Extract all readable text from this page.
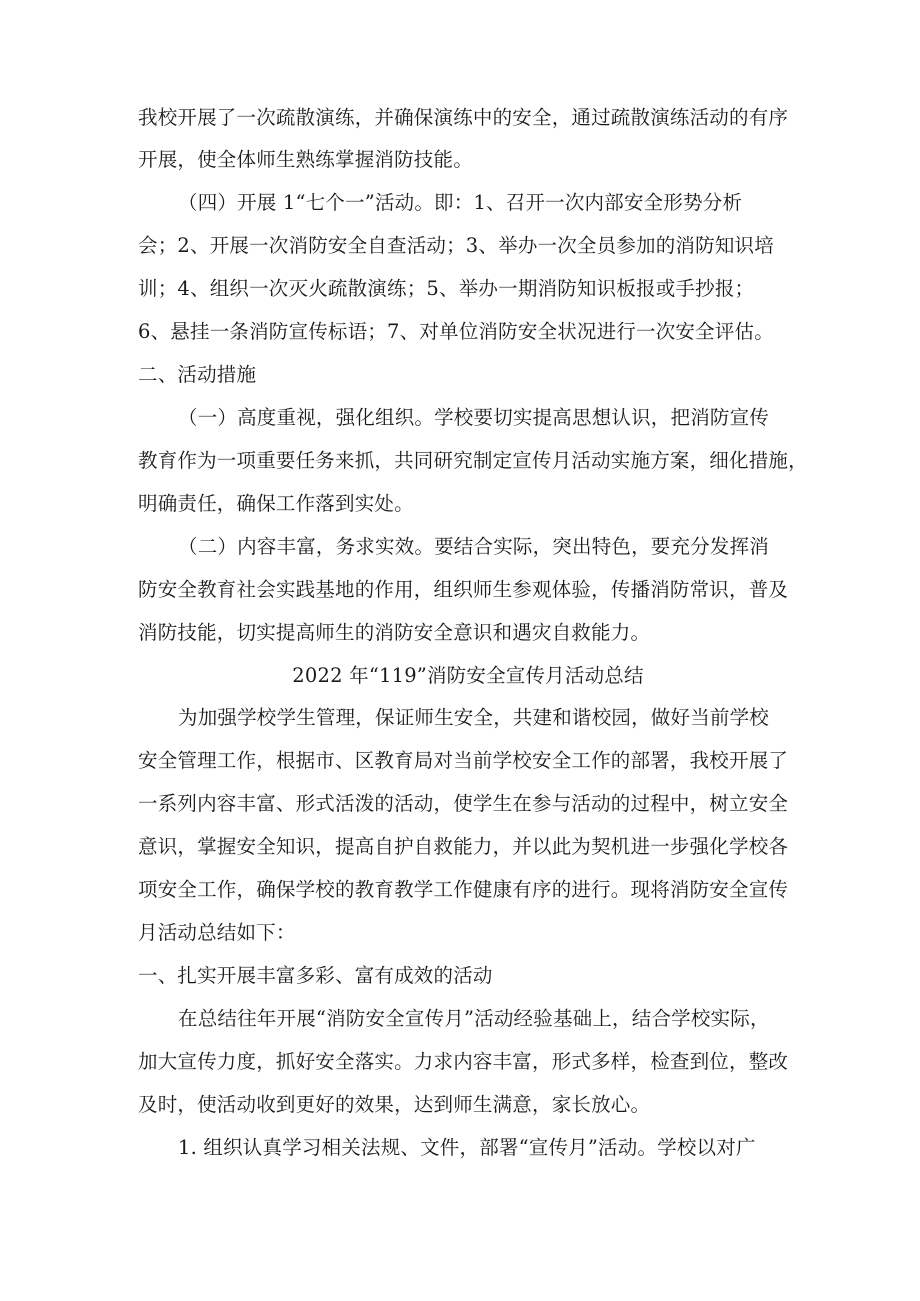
我校开展了一次疏散演练，并确保演练中的安全，通过疏散演练活动的有序
开展，使全体师生熟练掌握消防技能。
（四）开展 1“七个一”活动。即：1、召开一次内部安全形势分析
会；2、开展一次消防安全自查活动；3、举办一次全员参加的消防知识培
训；4、组织一次灭火疏散演练；5、举办一期消防知识板报或手抄报；
6、悬挂一条消防宣传标语；7、对单位消防安全状况进行一次安全评估。
二、活动措施
（一）高度重视，强化组织。学校要切实提高思想认识，把消防宣传
教育作为一项重要任务来抓，共同研究制定宣传月活动实施方案，细化措施，
明确责任，确保工作落到实处。
（二）内容丰富，务求实效。要结合实际，突出特色，要充分发挥消
防安全教育社会实践基地的作用，组织师生参观体验，传播消防常识，普及
消防技能，切实提高师生的消防安全意识和遇灾自救能力。
2022 年“119”消防安全宣传月活动总结
为加强学校学生管理，保证师生安全，共建和谐校园，做好当前学校
安全管理工作，根据市、区教育局对当前学校安全工作的部署，我校开展了
一系列内容丰富、形式活泼的活动，使学生在参与活动的过程中，树立安全
意识，掌握安全知识，提高自护自救能力，并以此为契机进一步强化学校各
项安全工作，确保学校的教育教学工作健康有序的进行。现将消防安全宣传
月活动总结如下：
一、扎实开展丰富多彩、富有成效的活动
在总结往年开展“消防安全宣传月”活动经验基础上，结合学校实际，
加大宣传力度，抓好安全落实。力求内容丰富，形式多样，检查到位，整改
及时，使活动收到更好的效果，达到师生满意，家长放心。
1. 组织认真学习相关法规、文件，部署“宣传月”活动。学校以对广
